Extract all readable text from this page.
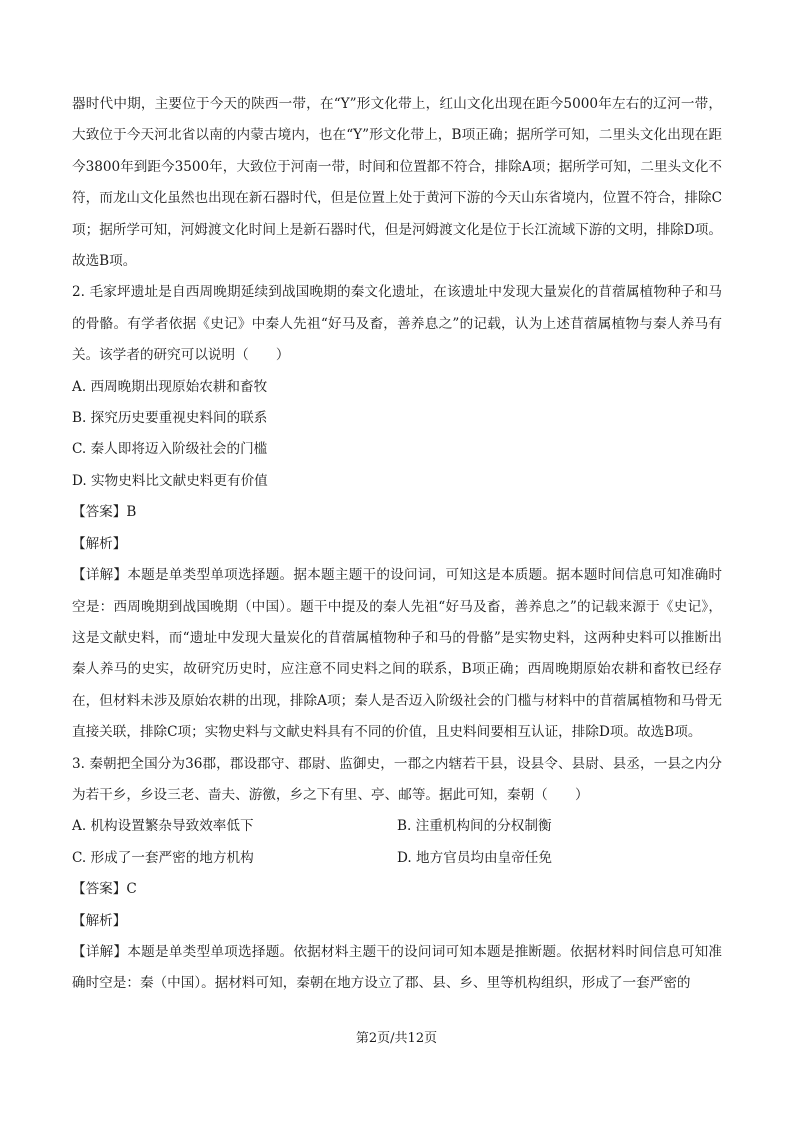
器时代中期，主要位于今天的陕西一带，在“Y”形文化带上，红山文化出现在距今5000年左右的辽河一带，大致位于今天河北省以南的内蒙古境内，也在“Y”形文化带上，B项正确；据所学可知，二里头文化出现在距今3800年到距今3500年，大致位于河南一带，时间和位置都不符合，排除A项；据所学可知，二里头文化不符，而龙山文化虽然也出现在新石器时代，但是位置上处于黄河下游的今天山东省境内，位置不符合，排除C项；据所学可知，河姆渡文化时间上是新石器时代，但是河姆渡文化是位于长江流域下游的文明，排除D项。故选B项。

2. 毛家坪遗址是自西周晚期延续到战国晚期的秦文化遗址，在该遗址中发现大量炭化的苜蓿属植物种子和马的骨骼。有学者依据《史记》中秦人先祖“好马及畜，善养息之”的记载，认为上述苜蓿属植物与秦人养马有关。该学者的研究可以说明（　　）

A. 西周晚期出现原始农耕和畜牧

B. 探究历史要重视史料间的联系

C. 秦人即将迈入阶级社会的门槛

D. 实物史料比文献史料更有价值

【答案】B

【解析】

【详解】本题是单类型单项选择题。据本题主题干的设问词，可知这是本质题。据本题时间信息可知准确时空是：西周晚期到战国晚期（中国）。题干中提及的秦人先祖“好马及畜，善养息之”的记载来源于《史记》，这是文献史料，而“遗址中发现大量炭化的苜蓿属植物种子和马的骨骼”是实物史料，这两种史料可以推断出秦人养马的史实，故研究历史时，应注意不同史料之间的联系，B项正确；西周晚期原始农耕和畜牧已经存在，但材料未涉及原始农耕的出现，排除A项；秦人是否迈入阶级社会的门槛与材料中的苜蓿属植物和马骨无直接关联，排除C项；实物史料与文献史料具有不同的价值，且史料间要相互认证，排除D项。故选B项。

3. 秦朝把全国分为36郡，郡设郡守、郡尉、监御史，一郡之内辖若干县，设县令、县尉、县丞，一县之内分为若干乡，乡设三老、啬夫、游徼，乡之下有里、亭、邮等。据此可知，秦朝（　　）

A. 机构设置繁杂导致效率低下	B. 注重机构间的分权制衡
C. 形成了一套严密的地方机构	D. 地方官员均由皇帝任免

【答案】C

【解析】

【详解】本题是单类型单项选择题。依据材料主题干的设问词可知本题是推断题。依据材料时间信息可知准确时空是：秦（中国）。据材料可知，秦朝在地方设立了郡、县、乡、里等机构组织，形成了一套严密的

第2页/共12页
